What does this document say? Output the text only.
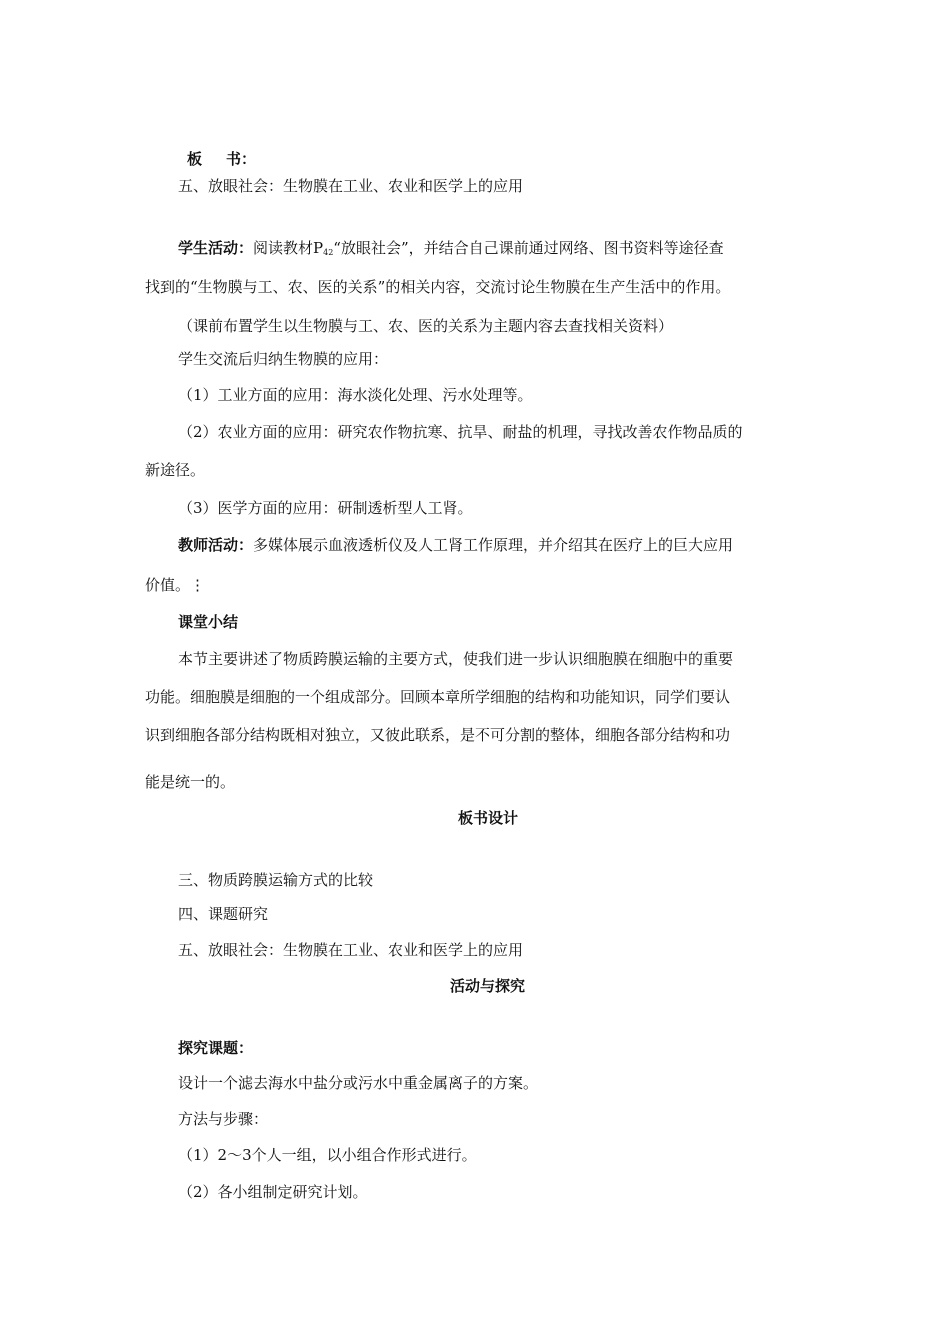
板 书：
五、放眼社会：生物膜在工业、农业和医学上的应用
学生活动：阅读教材$P_{42}“$放眼社会”，并结合自己课前通过网络、图书资料等途径查
找到的“生物膜与工、农、医的关系”的相关内容，交流讨论生物膜在生产生活中的作用。
（课前布置学生以生物膜与工、农、医的关系为主题内容去查找相关资料）
学生交流后归纳生物膜的应用：
（1）工业方面的应用：海水淡化处理、污水处理等。
（2）农业方面的应用：研究农作物抗寒、抗旱、耐盐的机理，寻找改善农作物品质的
新途径。
（3）医学方面的应用：研制透析型人工肾。
教师活动：多媒体展示血液透析仪及人工肾工作原理，并介绍其在医疗上的巨大应用
价值。⋮
课堂小结
本节主要讲述了物质跨膜运输的主要方式，使我们进一步认识细胞膜在细胞中的重要
功能。细胞膜是细胞的一个组成部分。回顾本章所学细胞的结构和功能知识，同学们要认
识到细胞各部分结构既相对独立，又彼此联系，是不可分割的整体，细胞各部分结构和功
能是统一的。
板书设计
三、物质跨膜运输方式的比较
四、课题研究
五、放眼社会：生物膜在工业、农业和医学上的应用
活动与探究
探究课题：
设计一个滤去海水中盐分或污水中重金属离子的方案。
方法与步骤：
（1）2～3个人一组，以小组合作形式进行。
（2）各小组制定研究计划。
